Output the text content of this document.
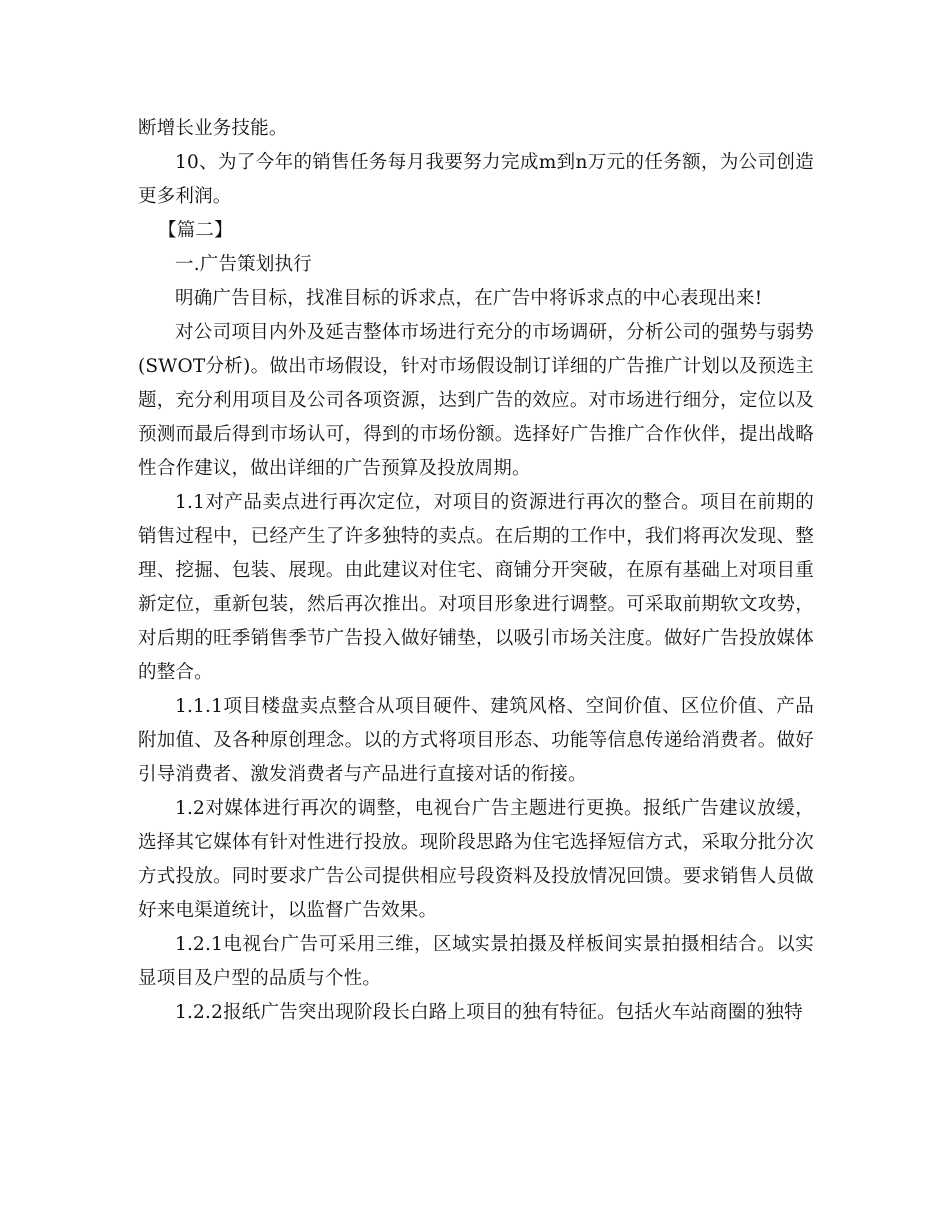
断增长业务技能。

10、为了今年的销售任务每月我要努力完成m到n万元的任务额，为公司创造更多利润。

【篇二】

一.广告策划执行

明确广告目标，找准目标的诉求点，在广告中将诉求点的中心表现出来!

对公司项目内外及延吉整体市场进行充分的市场调研，分析公司的强势与弱势(SWOT分析)。做出市场假设，针对市场假设制订详细的广告推广计划以及预选主题，充分利用项目及公司各项资源，达到广告的效应。对市场进行细分，定位以及预测而最后得到市场认可，得到的市场份额。选择好广告推广合作伙伴，提出战略性合作建议，做出详细的广告预算及投放周期。

1.1对产品卖点进行再次定位，对项目的资源进行再次的整合。项目在前期的销售过程中，已经产生了许多独特的卖点。在后期的工作中，我们将再次发现、整理、挖掘、包装、展现。由此建议对住宅、商铺分开突破，在原有基础上对项目重新定位，重新包装，然后再次推出。对项目形象进行调整。可采取前期软文攻势，对后期的旺季销售季节广告投入做好铺垫，以吸引市场关注度。做好广告投放媒体的整合。

1.1.1项目楼盘卖点整合从项目硬件、建筑风格、空间价值、区位价值、产品附加值、及各种原创理念。以的方式将项目形态、功能等信息传递给消费者。做好引导消费者、激发消费者与产品进行直接对话的衔接。

1.2对媒体进行再次的调整，电视台广告主题进行更换。报纸广告建议放缓，选择其它媒体有针对性进行投放。现阶段思路为住宅选择短信方式，采取分批分次方式投放。同时要求广告公司提供相应号段资料及投放情况回馈。要求销售人员做好来电渠道统计，以监督广告效果。

1.2.1电视台广告可采用三维，区域实景拍摄及样板间实景拍摄相结合。以实显项目及户型的品质与个性。

1.2.2报纸广告突出现阶段长白路上项目的独有特征。包括火车站商圈的独特
